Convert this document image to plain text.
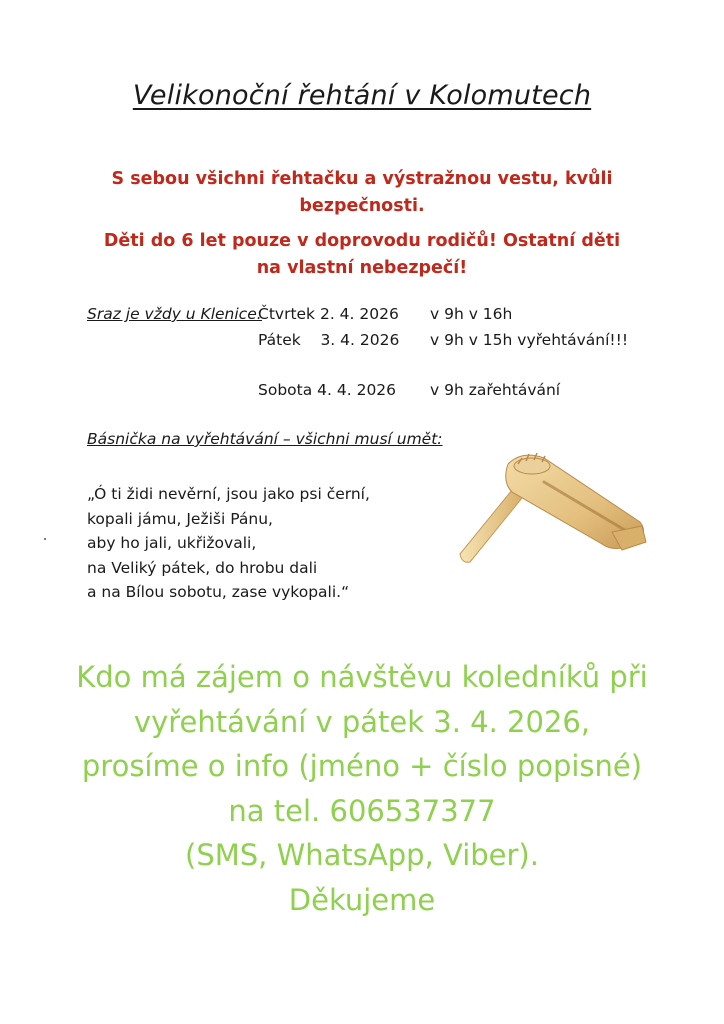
Velikonoční řehtání v Kolomutech
S sebou všichni řehtačku a výstražnou vestu, kvůli bezpečnosti.
Děti do 6 let pouze v doprovodu rodičů! Ostatní děti na vlastní nebezpečí!
Sraz je vždy u Klenice:
Čtvrtek 2. 4. 2026 v 9h v 16h
Pátek    3. 4. 2026 v 9h v 15h vyřehtávání!!!
Sobota 4. 4. 2026 v 9h zařehtávání
Básnička na vyřehtávání – všichni musí umět:
„Ó ti židi nevěrní, jsou jako psi černí,
kopali jámu, Ježiši Pánu,
aby ho jali, ukřižovali,
na Veliký pátek, do hrobu dali
a na Bílou sobotu, zase vykopali.“
Kdo má zájem o návštěvu koledníků při
vyřehtávání v pátek 3. 4. 2026,
prosíme o info (jméno + číslo popisné)
na tel. 606537377
(SMS, WhatsApp, Viber).
Děkujeme
